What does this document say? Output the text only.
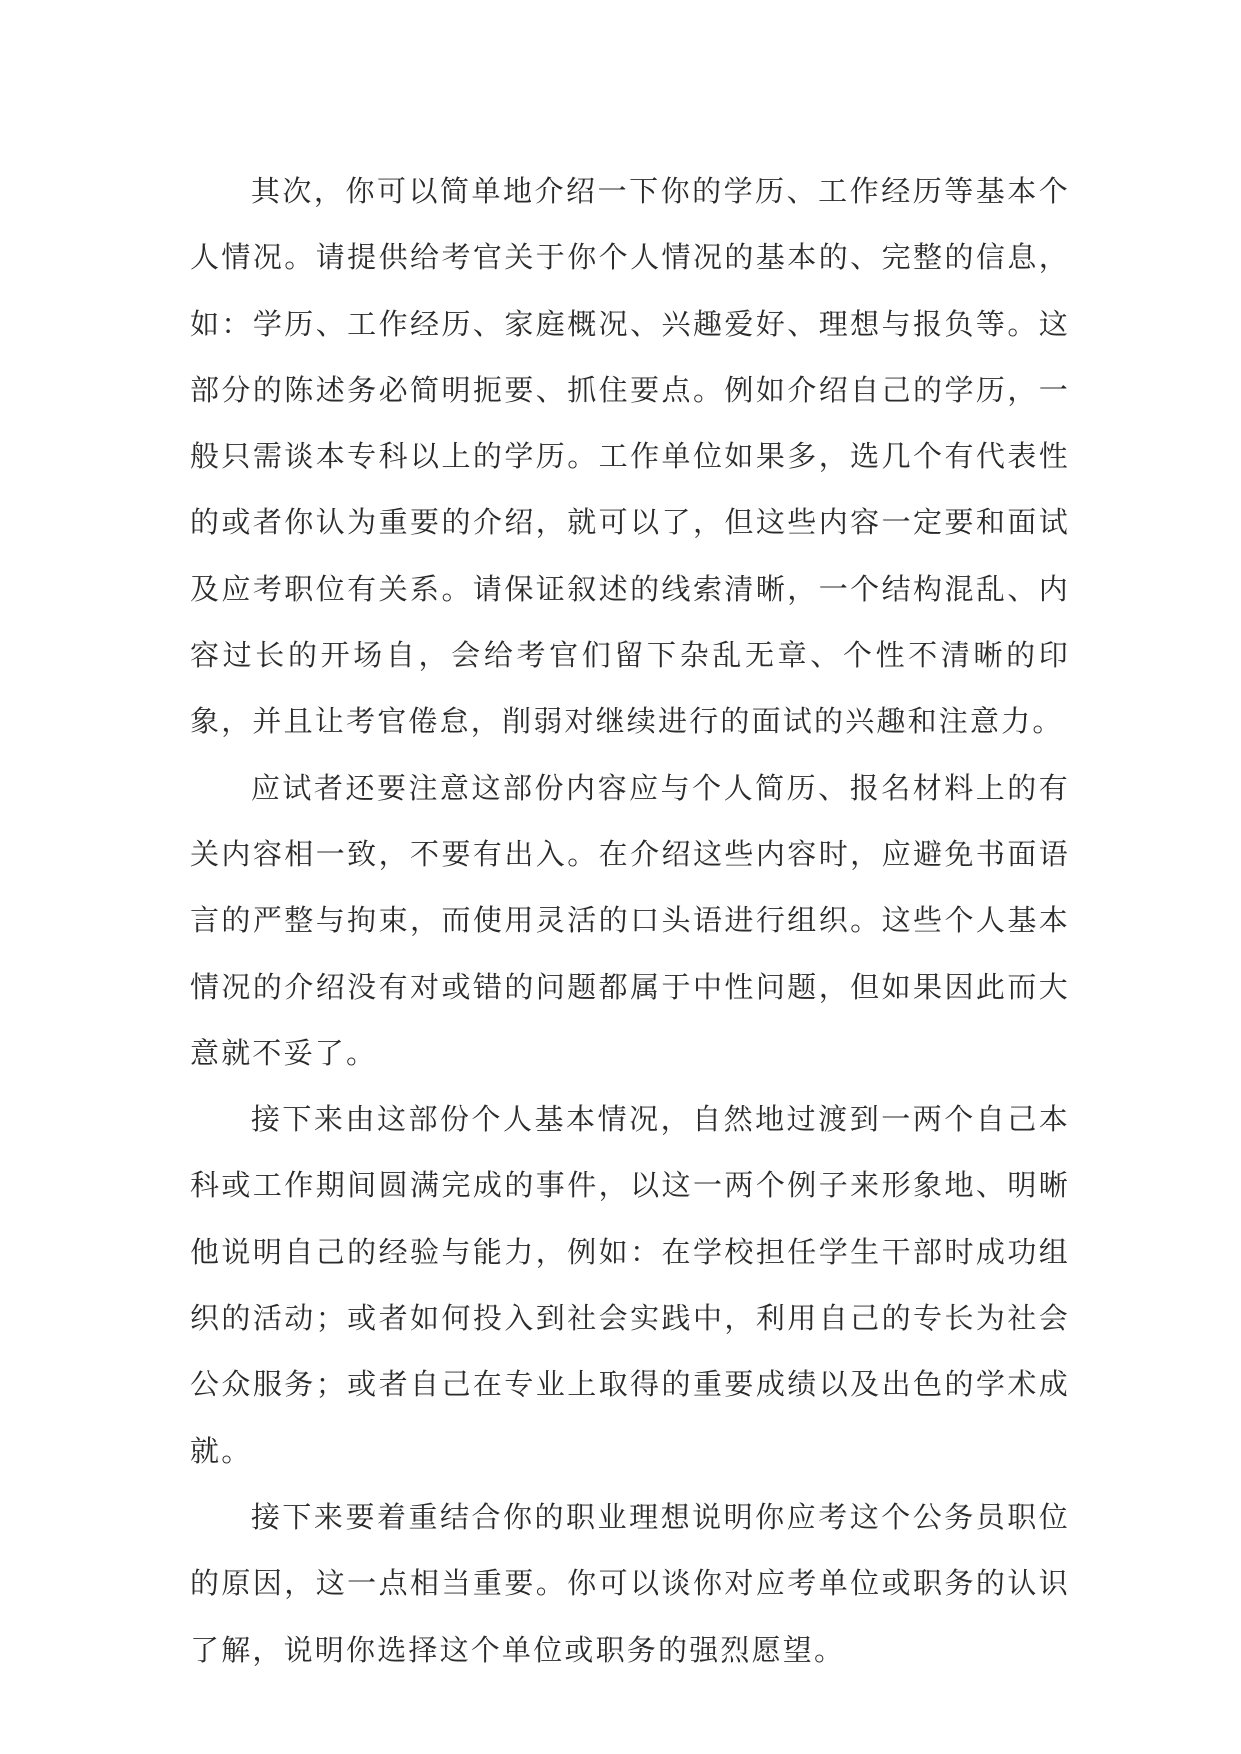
其次，你可以简单地介绍一下你的学历、工作经历等基本个人情况。请提供给考官关于你个人情况的基本的、完整的信息，如：学历、工作经历、家庭概况、兴趣爱好、理想与报负等。这部分的陈述务必简明扼要、抓住要点。例如介绍自己的学历，一般只需谈本专科以上的学历。工作单位如果多，选几个有代表性的或者你认为重要的介绍，就可以了，但这些内容一定要和面试及应考职位有关系。请保证叙述的线索清晰，一个结构混乱、内容过长的开场自，会给考官们留下杂乱无章、个性不清晰的印象，并且让考官倦怠，削弱对继续进行的面试的兴趣和注意力。

应试者还要注意这部份内容应与个人简历、报名材料上的有关内容相一致，不要有出入。在介绍这些内容时，应避免书面语言的严整与拘束，而使用灵活的口头语进行组织。这些个人基本情况的介绍没有对或错的问题都属于中性问题，但如果因此而大意就不妥了。

接下来由这部份个人基本情况，自然地过渡到一两个自己本科或工作期间圆满完成的事件，以这一两个例子来形象地、明晰他说明自己的经验与能力，例如：在学校担任学生干部时成功组织的活动；或者如何投入到社会实践中，利用自己的专长为社会公众服务；或者自己在专业上取得的重要成绩以及出色的学术成就。

接下来要着重结合你的职业理想说明你应考这个公务员职位的原因，这一点相当重要。你可以谈你对应考单位或职务的认识了解，说明你选择这个单位或职务的强烈愿望。
